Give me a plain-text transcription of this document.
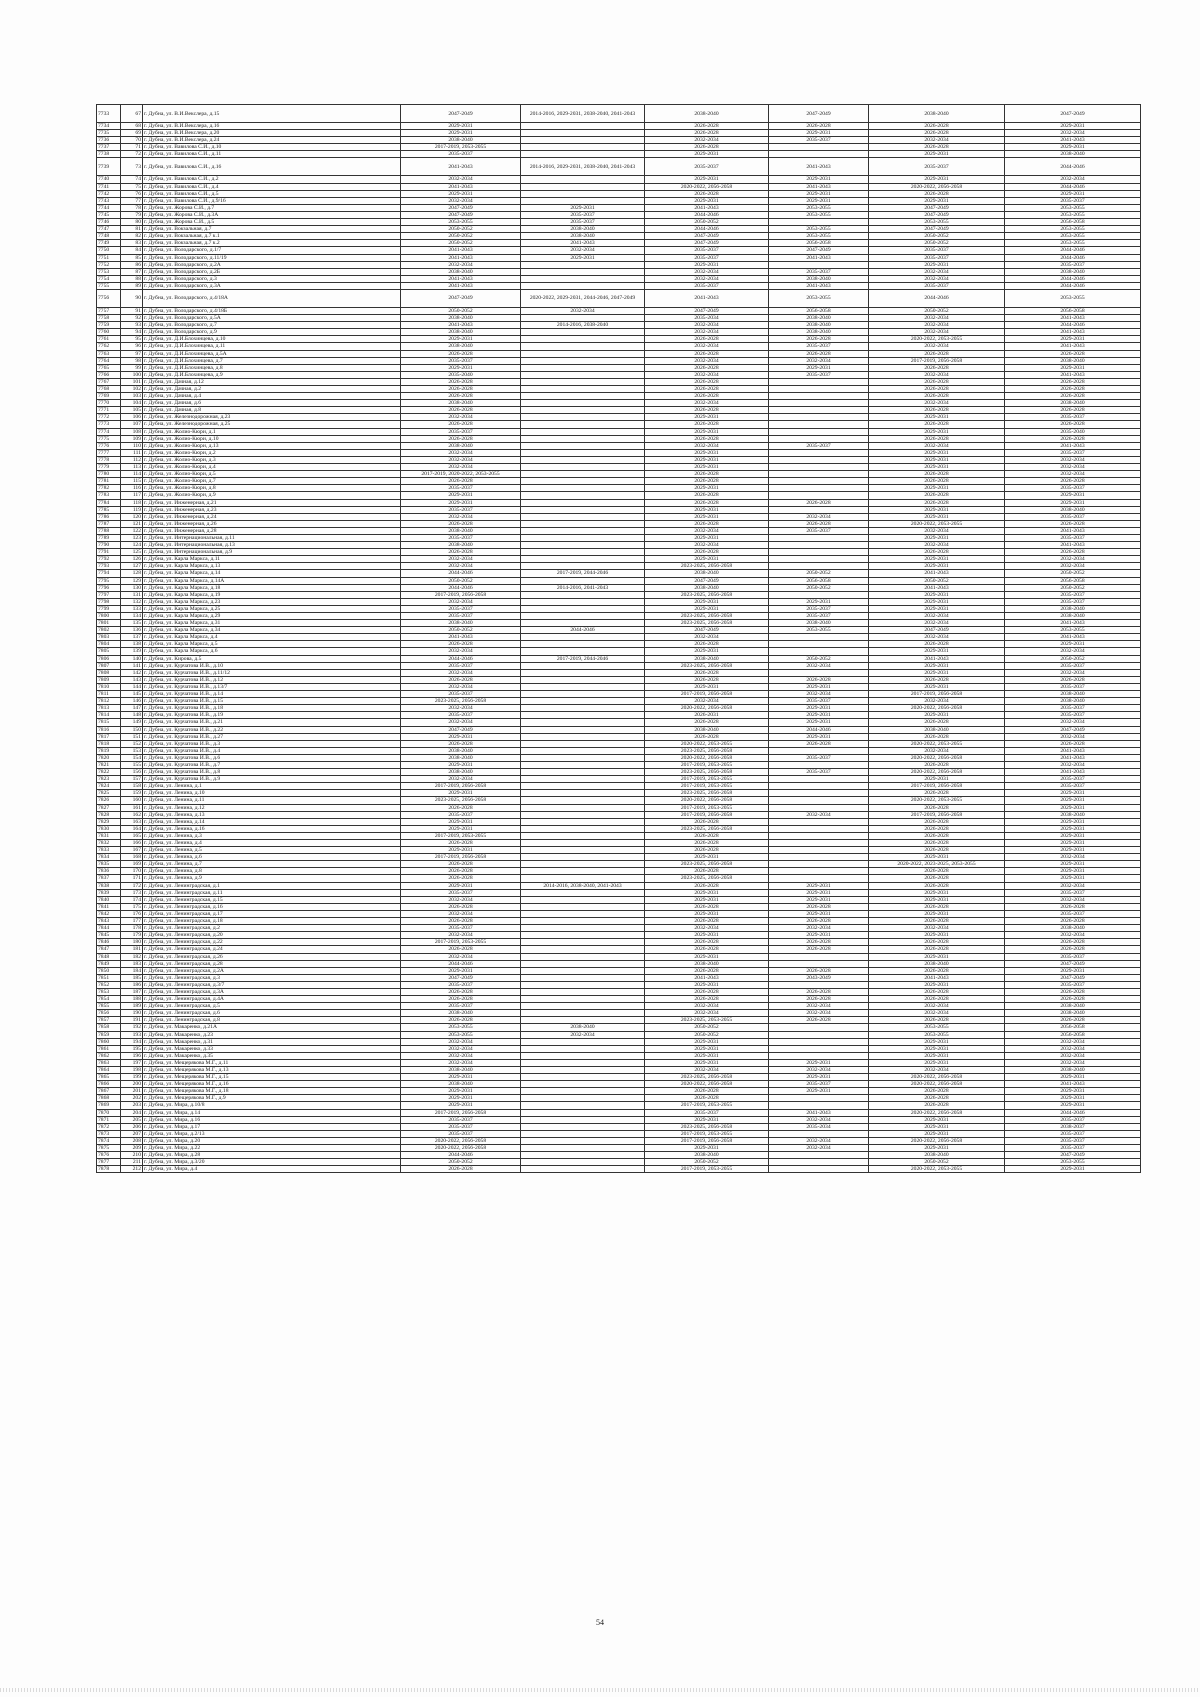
7733	67	г. Дубна, ул. В.И.Векслера, д.15	2047-2049	2014-2016, 2029-2031, 2038-2040, 2041-2043	2038-2040	2047-2049	2038-2040	2047-2049
7734	68	г. Дубна, ул. В.И.Векслера, д.16	2029-2031		2026-2028	2026-2028	2026-2028	2029-2031
7735	69	г. Дубна, ул. В.И.Векслера, д.20	2029-2031		2026-2028	2029-2031	2026-2028	2032-2034
7736	70	г. Дубна, ул. В.И.Векслера, д.24	2038-2040		2032-2034	2035-2037	2032-2034	2041-2043
7737	71	г. Дубна, ул. Вавилова С.И., д.10	2017-2019, 2053-2055		2026-2028		2026-2028	2029-2031
7738	72	г. Дубна, ул. Вавилова С.И., д.11	2035-2037		2029-2031		2029-2031	2038-2040
7739	73	г. Дубна, ул. Вавилова С.И., д.16	2041-2043	2014-2016, 2029-2031, 2038-2040, 2041-2043	2035-2037	2041-2043	2035-2037	2044-2046
7740	74	г. Дубна, ул. Вавилова С.И., д.2	2032-2034		2029-2031	2029-2031	2029-2031	2032-2034
7741	75	г. Дубна, ул. Вавилова С.И., д.4	2041-2043		2020-2022, 2056-2058	2041-2043	2020-2022, 2056-2058	2044-2046
7742	76	г. Дубна, ул. Вавилова С.И., д.5	2029-2031		2026-2028	2029-2031	2026-2028	2029-2031
7743	77	г. Дубна, ул. Вавилова С.И., д.9/16	2032-2034		2029-2031	2029-2031	2029-2031	2035-2037
7744	78	г. Дубна, ул. Жорова С.И., д.7	2047-2049	2029-2031	2041-2043	2053-2055	2047-2049	2053-2055
7745	79	г. Дубна, ул. Жорова С.И., д.3А	2047-2049	2035-2037	2044-2046	2053-2055	2047-2049	2053-2055
7746	80	г. Дубна, ул. Жорова С.И., д.5	2053-2055	2035-2037	2050-2052		2053-2055	2056-2058
7747	81	г. Дубна, ул. Вокзальная, д.7	2050-2052	2038-2040	2044-2046	2053-2055	2047-2049	2053-2055
7748	82	г. Дубна, ул. Вокзальная, д.7 к.1	2050-2052	2038-2040	2047-2049	2053-2055	2050-2052	2053-2055
7749	83	г. Дубна, ул. Вокзальная, д.7 к.2	2050-2052	2041-2043	2047-2049	2056-2058	2050-2052	2053-2055
7750	84	г. Дубна, ул. Володарского, д.1/7	2041-2043	2032-2034	2035-2037	2047-2049	2035-2037	2044-2046
7751	85	г. Дубна, ул. Володарского, д.11/19	2041-2043	2029-2031	2035-2037	2041-2043	2035-2037	2044-2046
7752	86	г. Дубна, ул. Володарского, д.2А	2032-2034		2029-2031		2029-2031	2035-2037
7753	87	г. Дубна, ул. Володарского, д.2Б	2038-2040		2032-2034	2035-2037	2032-2034	2038-2040
7754	88	г. Дубна, ул. Володарского, д.3	2041-2043		2032-2034	2038-2040	2032-2034	2044-2046
7755	89	г. Дубна, ул. Володарского, д.3А	2041-2043		2035-2037	2041-2043	2035-2037	2044-2046
7756	90	г. Дубна, ул. Володарского, д.4/18А	2047-2049	2020-2022, 2029-2031, 2044-2046, 2047-2049	2041-2043	2053-2055	2044-2046	2053-2055
7757	91	г. Дубна, ул. Володарского, д.4/18Б	2050-2052	2032-2034	2047-2049	2056-2058	2050-2052	2056-2058
7758	92	г. Дубна, ул. Володарского, д.5А	2038-2040		2035-2034	2038-2040	2032-2034	2041-2043
7759	93	г. Дубна, ул. Володарского, д.7	2041-2043	2014-2016, 2038-2040	2032-2034	2038-2040	2032-2034	2044-2046
7760	94	г. Дубна, ул. Володарского, д.9	2038-2040		2032-2034	2038-2040	2032-2034	2041-2043
7761	95	г. Дубна, ул. Д.И.Блохинцева, д.10	2029-2031		2026-2028	2026-2028	2020-2022, 2053-2055	2029-2031
7762	96	г. Дубна, ул. Д.И.Блохинцева, д.11	2038-2040		2032-2034	2035-2037	2032-2034	2041-2043
7763	97	г. Дубна, ул. Д.И.Блохинцева, д.5А	2026-2028		2026-2028	2026-2028	2026-2028	2026-2028
7764	98	г. Дубна, ул. Д.И.Блохинцева, д.7	2035-2037		2032-2034	2032-2034	2017-2019, 2056-2058	2038-2040
7765	99	г. Дубна, ул. Д.И.Блохинцева, д.8	2029-2031		2026-2028	2029-2031	2026-2028	2029-2031
7766	100	г. Дубна, ул. Д.И.Блохинцева, д.9	2035-2040		2032-2034	2035-2037	2032-2034	2041-2043
7767	101	г. Дубна, ул. Дачная, д.12	2026-2028		2026-2028		2026-2028	2026-2028
7768	102	г. Дубна, ул. Дачная, д.2	2026-2028		2026-2028		2026-2028	2026-2028
7769	103	г. Дубна, ул. Дачная, д.4	2026-2028		2026-2028		2026-2028	2026-2028
7770	104	г. Дубна, ул. Дачная, д.6	2038-2040		2032-2034		2032-2034	2038-2040
7771	105	г. Дубна, ул. Дачная, д.8	2026-2028		2026-2028		2026-2028	2026-2028
7772	106	г. Дубна, ул. Железнодорожная, д.23	2032-2034		2029-2031		2029-2031	2035-2037
7773	107	г. Дубна, ул. Железнодорожная, д.25	2026-2028		2026-2028		2026-2028	2026-2028
7774	108	г. Дубна, ул. Жолио-Кюри, д.1	2035-2037		2029-2031		2029-2031	2035-2040
7775	109	г. Дубна, ул. Жолио-Кюри, д.10	2026-2028		2026-2028		2026-2028	2026-2028
7776	110	г. Дубна, ул. Жолио-Кюри, д.13	2038-2040		2032-2034	2035-2037	2032-2034	2041-2043
7777	111	г. Дубна, ул. Жолио-Кюри, д.2	2032-2034		2029-2031		2029-2031	2035-2037
7778	112	г. Дубна, ул. Жолио-Кюри, д.3	2032-2034		2029-2031		2029-2031	2032-2034
7779	113	г. Дубна, ул. Жолио-Кюри, д.4	2032-2034		2029-2031		2029-2031	2032-2034
7780	114	г. Дубна, ул. Жолио-Кюри, д.5	2017-2019, 2020-2022, 2053-2055		2026-2028		2026-2028	2032-2034
7781	115	г. Дубна, ул. Жолио-Кюри, д.7	2026-2028		2026-2028		2026-2028	2026-2028
7782	116	г. Дубна, ул. Жолио-Кюри, д.8	2035-2037		2029-2031		2029-2031	2035-2037
7783	117	г. Дубна, ул. Жолио-Кюри, д.9	2029-2031		2026-2028		2026-2028	2029-2031
7784	118	г. Дубна, ул. Инженерная, д.21	2029-2031		2026-2028	2026-2028	2026-2028	2029-2031
7785	119	г. Дубна, ул. Инженерная, д.23	2035-2037		2029-2031		2029-2031	2038-2040
7786	120	г. Дубна, ул. Инженерная, д.24	2032-2034		2029-2031	2032-2034	2029-2031	2035-2037
7787	121	г. Дубна, ул. Инженерная, д.26	2026-2028		2026-2028	2026-2028	2020-2022, 2053-2055	2026-2028
7788	122	г. Дубна, ул. Инженерная, д.28	2038-2040		2032-2034	2035-2037	2032-2034	2041-2043
7789	123	г. Дубна, ул. Интернациональная, д.11	2035-2037		2029-2031		2029-2031	2035-2037
7790	124	г. Дубна, ул. Интернациональная, д.13	2038-2040		2032-2034		2032-2034	2041-2043
7791	125	г. Дубна, ул. Интернациональная, д.9	2026-2028		2026-2028		2026-2028	2026-2028
7792	126	г. Дубна, ул. Карла Маркса, д.11	2032-2034		2029-2031		2029-2031	2032-2034
7793	127	г. Дубна, ул. Карла Маркса, д.13	2032-2034		2023-2025, 2056-2058		2029-2031	2032-2034
7794	128	г. Дубна, ул. Карла Маркса, д.14	2044-2046	2017-2019, 2044-2046	2038-2040	2050-2052	2041-2043	2050-2052
7795	129	г. Дубна, ул. Карла Маркса, д.14А	2050-2052		2047-2049	2056-2058	2050-2052	2056-2058
7796	130	г. Дубна, ул. Карла Маркса, д.18	2044-2046	2014-2016, 2041-2043	2038-2040	2050-2052	2041-2043	2050-2052
7797	131	г. Дубна, ул. Карла Маркса, д.19	2017-2019, 2056-2058		2023-2025, 2056-2058		2029-2031	2035-2037
7798	132	г. Дубна, ул. Карла Маркса, д.23	2032-2034		2029-2031	2029-2031	2029-2031	2035-2037
7799	133	г. Дубна, ул. Карла Маркса, д.25	2035-2037		2029-2031	2035-2037	2029-2031	2038-2040
7800	134	г. Дубна, ул. Карла Маркса, д.29	2035-2037		2023-2025, 2056-2058	2035-2037	2032-2034	2038-2040
7801	135	г. Дубна, ул. Карла Маркса, д.31	2038-2040		2023-2025, 2056-2058	2038-2040	2032-2034	2041-2043
7802	136	г. Дубна, ул. Карла Маркса, д.34	2050-2052	2044-2046	2047-2049	2053-2055	2047-2049	2053-2055
7803	137	г. Дубна, ул. Карла Маркса, д.4	2041-2043		2032-2034		2032-2034	2041-2043
7804	138	г. Дубна, ул. Карла Маркса, д.5	2026-2028		2026-2028		2026-2028	2029-2031
7805	139	г. Дубна, ул. Карла Маркса, д.6	2032-2034		2029-2031		2029-2031	2032-2034
7806	140	г. Дубна, ул. Кирова, д.5	2044-2046	2017-2019, 2044-2046	2038-2040	2050-2052	2041-2043	2050-2052
7807	141	г. Дубна, ул. Курчатова И.В., д.10	2035-2037		2023-2025, 2056-2058	2032-2034	2029-2031	2035-2037
7808	142	г. Дубна, ул. Курчатова И.В., д.11/12	2032-2034		2026-2028		2029-2031	2032-2034
7809	143	г. Дубна, ул. Курчатова И.В., д.12	2026-2028		2026-2028	2026-2028	2026-2028	2026-2028
7810	144	г. Дубна, ул. Курчатова И.В., д.13/7	2032-2034		2029-2031	2029-2031	2029-2031	2035-2037
7811	145	г. Дубна, ул. Курчатова И.В., д.14	2035-2037		2017-2019, 2056-2058	2032-2034	2017-2019, 2056-2058	2038-2040
7812	146	г. Дубна, ул. Курчатова И.В., д.15	2023-2025, 2056-2058		2032-2034	2035-2037	2032-2034	2038-2040
7813	147	г. Дубна, ул. Курчатова И.В., д.18	2032-2034		2020-2022, 2056-2058	2029-2031	2020-2022, 2056-2058	2035-2037
7814	148	г. Дубна, ул. Курчатова И.В., д.19	2035-2037		2026-2031	2029-2031	2029-2031	2035-2037
7815	149	г. Дубна, ул. Курчатова И.В., д.21	2032-2034		2026-2028	2029-2031	2026-2028	2032-2034
7816	150	г. Дубна, ул. Курчатова И.В., д.22	2047-2049		2038-2040	2044-2046	2038-2040	2047-2049
7817	151	г. Дубна, ул. Курчатова И.В., д.27	2029-2031		2026-2028	2029-2031	2026-2028	2032-2034
7818	152	г. Дубна, ул. Курчатова И.В., д.3	2026-2028		2020-2022, 2053-2055	2026-2028	2020-2022, 2053-2055	2026-2028
7819	153	г. Дубна, ул. Курчатова И.В., д.4	2038-2040		2023-2025, 2056-2058		2032-2034	2041-2043
7820	154	г. Дубна, ул. Курчатова И.В., д.6	2038-2040		2020-2022, 2056-2058	2035-2037	2020-2022, 2056-2058	2041-2043
7821	155	г. Дубна, ул. Курчатова И.В., д.7	2029-2031		2017-2019, 2053-2055		2026-2028	2032-2034
7822	156	г. Дубна, ул. Курчатова И.В., д.8	2038-2040		2023-2025, 2056-2058	2035-2037	2020-2022, 2056-2058	2041-2043
7823	157	г. Дубна, ул. Курчатова И.В., д.9	2032-2034		2017-2019, 2053-2055		2029-2031	2035-2037
7824	158	г. Дубна, ул. Ленина, д.1	2017-2019, 2056-2058		2017-2019, 2053-2055		2017-2019, 2056-2058	2035-2037
7825	159	г. Дубна, ул. Ленина, д.10	2029-2031		2023-2025, 2056-2058		2026-2028	2029-2031
7826	160	г. Дубна, ул. Ленина, д.11	2023-2025, 2056-2058		2020-2022, 2056-2058		2020-2022, 2053-2055	2029-2031
7827	161	г. Дубна, ул. Ленина, д.12	2026-2028		2017-2019, 2053-2055		2026-2028	2029-2031
7828	162	г. Дубна, ул. Ленина, д.13	2035-2037		2017-2019, 2056-2058	2032-2034	2017-2019, 2056-2058	2038-2040
7829	163	г. Дубна, ул. Ленина, д.14	2029-2031		2026-2028		2026-2028	2029-2031
7830	164	г. Дубна, ул. Ленина, д.16	2029-2031		2023-2025, 2056-2058		2026-2028	2029-2031
7831	165	г. Дубна, ул. Ленина, д.3	2017-2019, 2053-2055		2026-2028		2026-2028	2029-2031
7832	166	г. Дубна, ул. Ленина, д.4	2026-2028		2026-2028		2026-2028	2029-2031
7833	167	г. Дубна, ул. Ленина, д.5	2029-2031		2026-2028		2026-2028	2029-2031
7834	168	г. Дубна, ул. Ленина, д.6	2017-2019, 2056-2058		2029-2031		2029-2031	2032-2034
7835	169	г. Дубна, ул. Ленина, д.7	2026-2028		2023-2025, 2056-2058		2020-2022, 2023-2025, 2053-2055	2029-2031
7836	170	г. Дубна, ул. Ленина, д.8	2026-2028		2026-2028		2026-2028	2029-2031
7837	171	г. Дубна, ул. Ленина, д.9	2026-2028		2023-2025, 2056-2058		2026-2028	2029-2031
7838	172	г. Дубна, ул. Ленинградская, д.1	2029-2031	2014-2016, 2038-2040, 2041-2043	2026-2028	2029-2031	2026-2028	2032-2034
7839	173	г. Дубна, ул. Ленинградская, д.11	2035-2037		2029-2031	2029-2031	2029-2031	2035-2037
7840	174	г. Дубна, ул. Ленинградская, д.15	2032-2034		2029-2031	2029-2031	2029-2031	2032-2034
7841	175	г. Дубна, ул. Ленинградская, д.16	2026-2028		2026-2028	2026-2028	2026-2028	2026-2028
7842	176	г. Дубна, ул. Ленинградская, д.17	2032-2034		2029-2031	2029-2031	2029-2031	2035-2037
7843	177	г. Дубна, ул. Ленинградская, д.18	2026-2028		2026-2028	2026-2028	2026-2028	2026-2028
7844	178	г. Дубна, ул. Ленинградская, д.2	2035-2037		2032-2034	2032-2034	2032-2034	2038-2040
7845	179	г. Дубна, ул. Ленинградская, д.20	2032-2034		2029-2031	2029-2031	2029-2031	2032-2034
7846	180	г. Дубна, ул. Ленинградская, д.22	2017-2019, 2053-2055		2026-2028	2026-2028	2026-2028	2026-2028
7847	181	г. Дубна, ул. Ленинградская, д.24	2026-2028		2026-2028	2026-2028	2026-2028	2026-2028
7848	182	г. Дубна, ул. Ленинградская, д.26	2032-2034		2029-2031		2029-2031	2035-2037
7849	183	г. Дубна, ул. Ленинградская, д.28	2044-2046		2038-2040		2038-2040	2047-2049
7850	184	г. Дубна, ул. Ленинградская, д.2А	2029-2031		2026-2028	2026-2028	2026-2028	2029-2031
7851	185	г. Дубна, ул. Ленинградская, д.3	2047-2049		2041-2043	2043-2049	2041-2043	2047-2049
7852	186	г. Дубна, ул. Ленинградская, д.3/7	2035-2037		2029-2031		2029-2031	2035-2037
7853	187	г. Дубна, ул. Ленинградская, д.3А	2026-2028		2026-2028	2026-2028	2026-2028	2026-2028
7854	188	г. Дубна, ул. Ленинградская, д.4А	2026-2028		2026-2028	2026-2028	2026-2028	2026-2028
7855	189	г. Дубна, ул. Ленинградская, д.5	2035-2037		2032-2034	2032-2034	2032-2034	2038-2040
7856	190	г. Дубна, ул. Ленинградская, д.6	2038-2040		2032-2034	2032-2034	2032-2034	2038-2040
7857	191	г. Дубна, ул. Ленинградская, д.8	2026-2028		2023-2025, 2053-2055	2026-2028	2026-2028	2026-2028
7858	192	г. Дубна, ул. Макаренко, д.21А	2053-2055	2038-2040	2050-2052		2053-2055	2056-2058
7859	193	г. Дубна, ул. Макаренко, д.23	2053-2055	2032-2034	2050-2052		2053-2055	2056-2058
7860	194	г. Дубна, ул. Макаренко, д.31	2032-2034		2029-2031		2029-2031	2032-2034
7861	195	г. Дубна, ул. Макаренко, д.33	2032-2034		2029-2031		2029-2031	2032-2034
7862	196	г. Дубна, ул. Макаренко, д.35	2032-2034		2029-2031		2029-2031	2032-2034
7863	197	г. Дубна, ул. Мещерякова М.Г., д.11	2032-2034		2029-2031	2029-2031	2029-2031	2032-2034
7864	198	г. Дубна, ул. Мещерякова М.Г., д.13	2038-2040		2032-2034	2032-2034	2032-2034	2038-2040
7865	199	г. Дубна, ул. Мещерякова М.Г., д.15	2029-2031		2023-2025, 2056-2058	2029-2031	2020-2022, 2056-2058	2029-2031
7866	200	г. Дубна, ул. Мещерякова М.Г., д.16	2038-2040		2020-2022, 2056-2058	2035-2037	2020-2022, 2056-2058	2041-2043
7867	201	г. Дубна, ул. Мещерякова М.Г., д.18	2029-2031		2026-2028	2029-2031	2026-2028	2029-2031
7868	202	г. Дубна, ул. Мещерякова М.Г., д.9	2029-2031		2026-2028		2026-2028	2029-2031
7869	203	г. Дубна, ул. Мира, д.10/8	2029-2031		2017-2019, 2053-2055		2026-2028	2029-2031
7870	204	г. Дубна, ул. Мира, д.14	2017-2019, 2056-2058		2035-2037	2041-2043	2020-2022, 2056-2058	2044-2046
7871	205	г. Дубна, ул. Мира, д.16	2035-2037		2029-2031	2032-2034	2029-2031	2035-2037
7872	206	г. Дубна, ул. Мира, д.17	2035-2037		2023-2025, 2056-2058	2035-2034	2029-2031	2038-2037
7873	207	г. Дубна, ул. Мира, д.2/13	2035-2037		2017-2019, 2053-2055		2029-2031	2035-2037
7874	208	г. Дубна, ул. Мира, д.20	2020-2022, 2056-2058		2017-2019, 2056-2058	2032-2034	2020-2022, 2056-2058	2035-2037
7875	209	г. Дубна, ул. Мира, д.22	2020-2022, 2056-2058		2029-2031	2032-2034	2029-2031	2035-2037
7876	210	г. Дубна, ул. Мира, д.28	2044-2046		2038-2040		2038-2040	2047-2049
7877	211	г. Дубна, ул. Мира, д.3/20	2050-2052		2050-2052		2050-2052	2053-2055
7878	212	г. Дубна, ул. Мира, д.4	2026-2028		2017-2019, 2053-2055		2020-2022, 2053-2055	2029-2031
54
